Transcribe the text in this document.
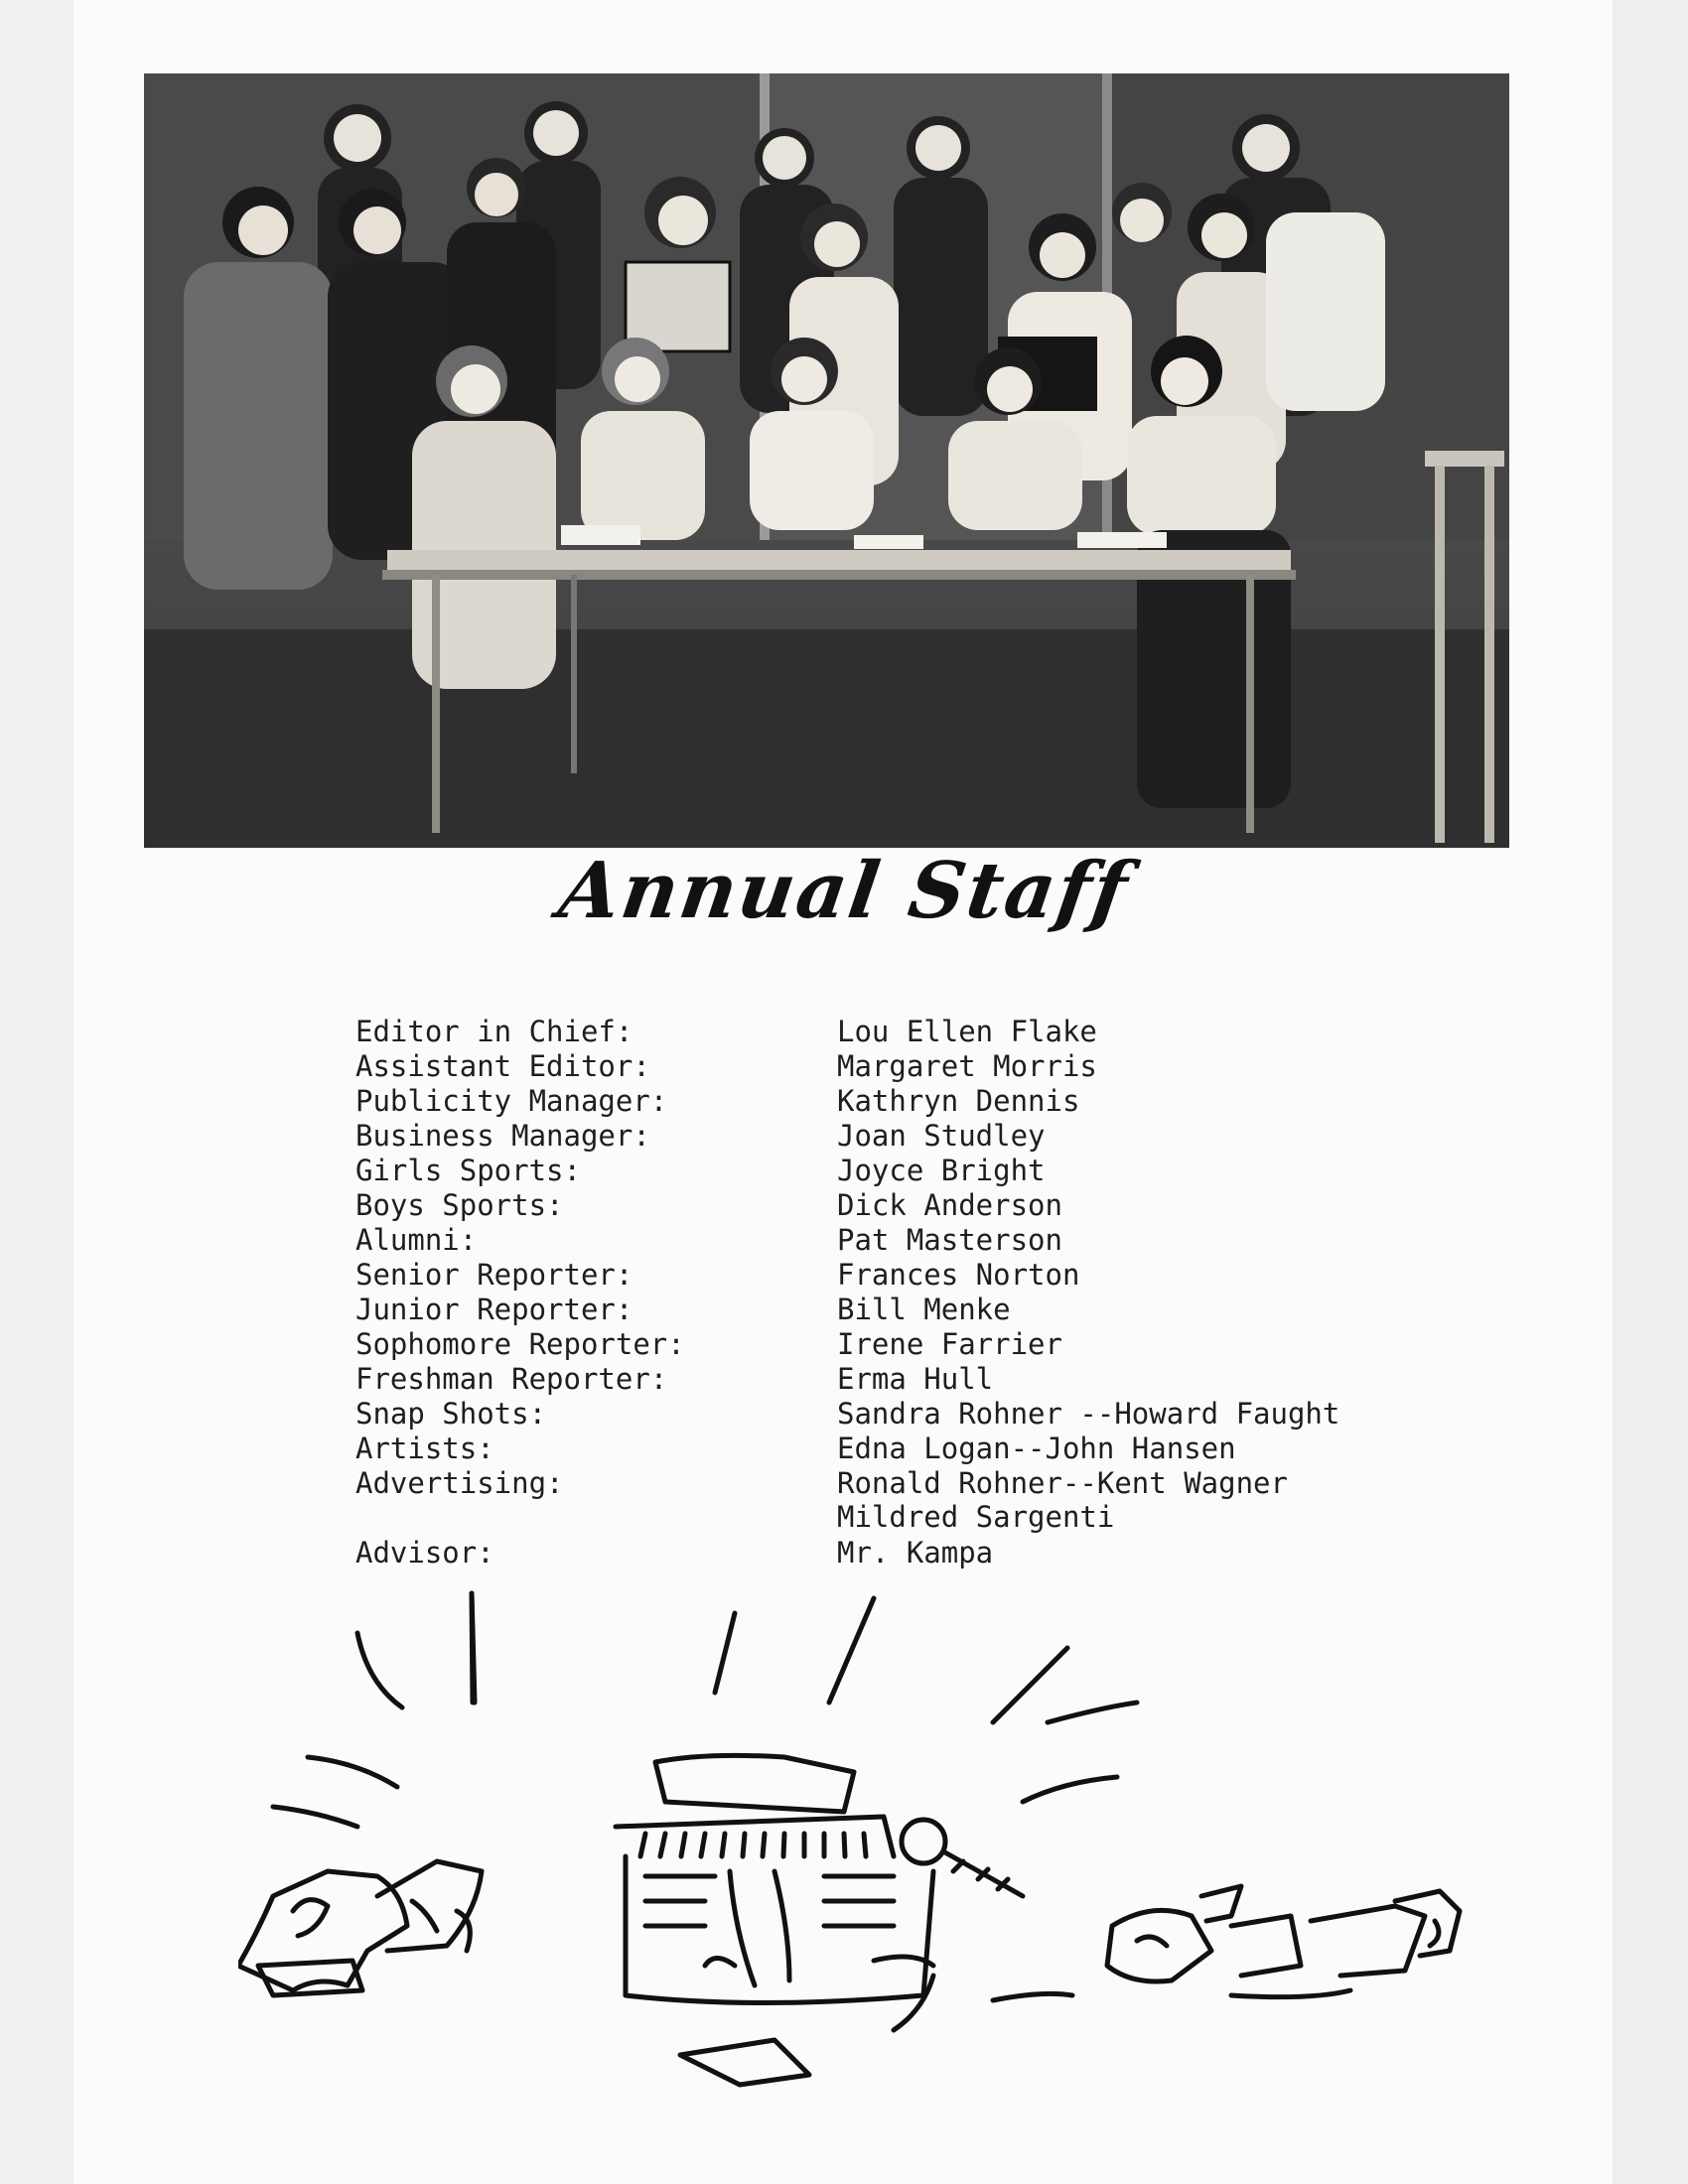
Annual Staff
Editor in Chief:	Lou Ellen Flake
Assistant Editor:	Margaret Morris
Publicity Manager:	Kathryn Dennis
Business Manager:	Joan Studley
Girls Sports:	Joyce Bright
Boys Sports:	Dick Anderson
Alumni:	Pat Masterson
Senior Reporter:	Frances Norton
Junior Reporter:	Bill Menke
Sophomore Reporter:	Irene Farrier
Freshman Reporter:	Erma Hull
Snap Shots:	Sandra Rohner --Howard Faught
Artists:	Edna Logan--John Hansen
Advertising:	Ronald Rohner--Kent Wagner
Mildred Sargenti
Advisor:	Mr. Kampa
